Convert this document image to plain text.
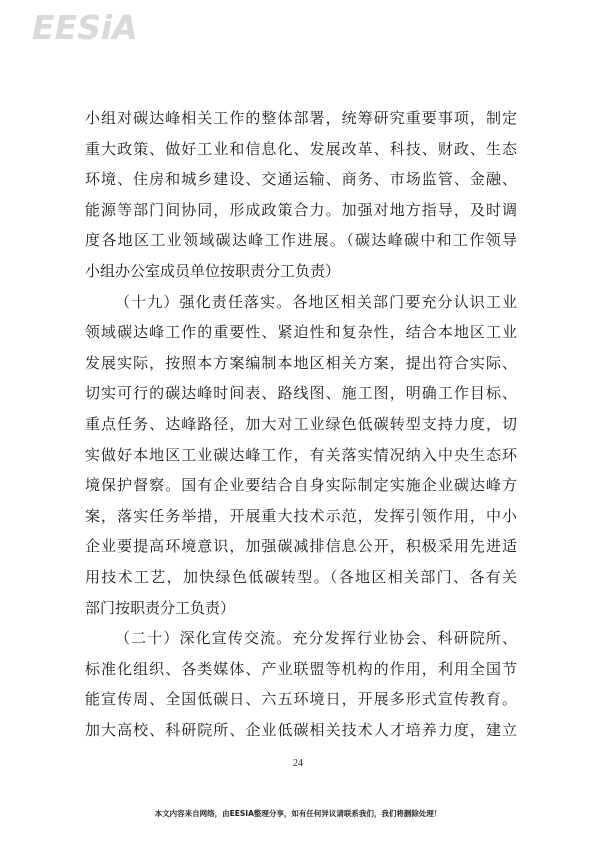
EESiA
小组对碳达峰相关工作的整体部署，统筹研究重要事项，制定
重大政策、做好工业和信息化、发展改革、科技、财政、生态
环境、住房和城乡建设、交通运输、商务、市场监管、金融、
能源等部门间协同，形成政策合力。加强对地方指导，及时调
度各地区工业领域碳达峰工作进展。（碳达峰碳中和工作领导
小组办公室成员单位按职责分工负责）
（十九）强化责任落实。各地区相关部门要充分认识工业
领域碳达峰工作的重要性、紧迫性和复杂性，结合本地区工业
发展实际，按照本方案编制本地区相关方案，提出符合实际、
切实可行的碳达峰时间表、路线图、施工图，明确工作目标、
重点任务、达峰路径，加大对工业绿色低碳转型支持力度，切
实做好本地区工业碳达峰工作，有关落实情况纳入中央生态环
境保护督察。国有企业要结合自身实际制定实施企业碳达峰方
案，落实任务举措，开展重大技术示范，发挥引领作用，中小
企业要提高环境意识，加强碳减排信息公开，积极采用先进适
用技术工艺，加快绿色低碳转型。（各地区相关部门、各有关
部门按职责分工负责）
（二十）深化宣传交流。充分发挥行业协会、科研院所、
标准化组织、各类媒体、产业联盟等机构的作用，利用全国节
能宣传周、全国低碳日、六五环境日，开展多形式宣传教育。
加大高校、科研院所、企业低碳相关技术人才培养力度，建立
24
本文内容来自网络，由EESIA整理分享，如有任何异议请联系我们，我们将删除处理！
